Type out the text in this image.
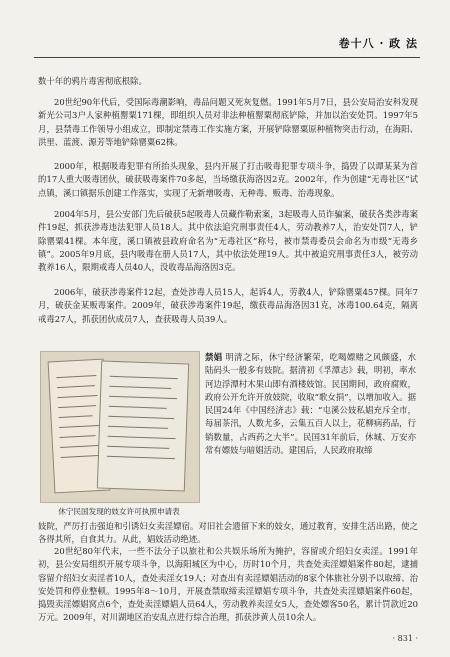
卷十八 · 政 法
数十年的鸦片毒害彻底根除。
20世纪90年代后，受国际毒潮影响，毒品问题又死灰复燃。1991年5月7日，县公安局治安科发现新光公司3户人家种植罂粟171棵，即组织人员对非法种植罂粟彻底铲除，并加以治安处罚。1997年5月，县禁毒工作领导小组成立，即制定禁毒工作实施方案，开展铲除罂粟原种植物突击行动，在海阳、洪里、蓝渡、源芳等地铲除罂粟62株。
2000年，根据吸毒犯罪有所抬头现象，县内开展了打击吸毒犯罪专项斗争，捣毁了以谭某某为首的17人重大吸毒团伙，破获吸毒案件70多起，当场缴获海洛因2克。2002年，作为创建“无毒社区”试点镇，溪口镇据乐创建工作落实，实现了无新增吸毒、无种毒、贩毒、治毒现象。
2004年5月，县公安部门先后破获5起吸毒人员藏作勒索案，3起吸毒人员诈骗案，破获各类涉毒案件19起，抓获涉毒违法犯罪人员18人。其中依法追究刑事责任4人，劳动教养7人，治安处罚7人，铲除罂粟41棵。本年度，溪口镇被县政府命名为“无毒社区”称号，被市禁毒委员会命名为市级“无毒乡镇”。2005年9月底，县内吸毒在册人员17人，其中依法处理19人。其中被追究刑事责任3人，被劳动教养16人，限期戒毒人员40人，没收毒品海洛因3克。
2006年，破获涉毒案件12起，查处涉毒人员15人，起诉4人，劳教4人，铲除罂粟457棵。同年7月，破获金某贩毒案件。2009年，破获涉毒案件19起，缴获毒品海洛因31克，冰毒100.64克，隔离戒毒27人，抓获团伙成员7人，查获吸毒人员39人。
休宁民国发现的妓女许可执照申请表
禁娼 明清之际，休宁经济繁荣，吃喝嫖赌之风颇盛，水陆码头一般多有妓院。据清初《孚潭志》载，明初，率水河边浮潭村木果山即有酒楼妓馆。民国期间，政府腐败，政府公开允许开放妓院，收取“歌女捐”，以增加收入。据民国24年《中国经济志》载：“屯溪公妓私娼充斥全市，每届茶汛，人数尤多，云集五百人以上，花柳病药品，行销数量，占西药之大半”。民国31年前后，休城、万安亦常有嫖妓与暗娼活动。建国后，人民政府取缔
妓院，严厉打击强迫和引诱妇女卖淫嫖宿。对旧社会遗留下来的妓女，通过教育，安排生活出路，使之各得其所，自食其力。从此，娼妓活动绝迹。
20世纪80年代末，一些不法分子以旅社和公共娱乐场所为掩护，容留或介绍妇女卖淫。1991年初，县公安局组织开展专项斗争，以海阳城区为中心，历时10个月，共查处卖淫嫖娼案件80起，逮捕容留介绍妇女卖淫者10人，查处卖淫女19人；对查出有卖淫嫖娼活动的8家个体旅社分别予以取缔、治安处罚和停业整顿。1995年8～10月，开展查禁取缔卖淫嫖娼专项斗争，共查处卖淫嫖娼案件60起，捣毁卖淫嫖娼窝点6个，查处卖淫嫖娼人员64人，劳动教养卖淫女5人，查处嫖客50名，累计罚款近20万元。2009年，对川湖地区治安乱点进行综合治理，抓获涉黄人员10余人。
· 831 ·
